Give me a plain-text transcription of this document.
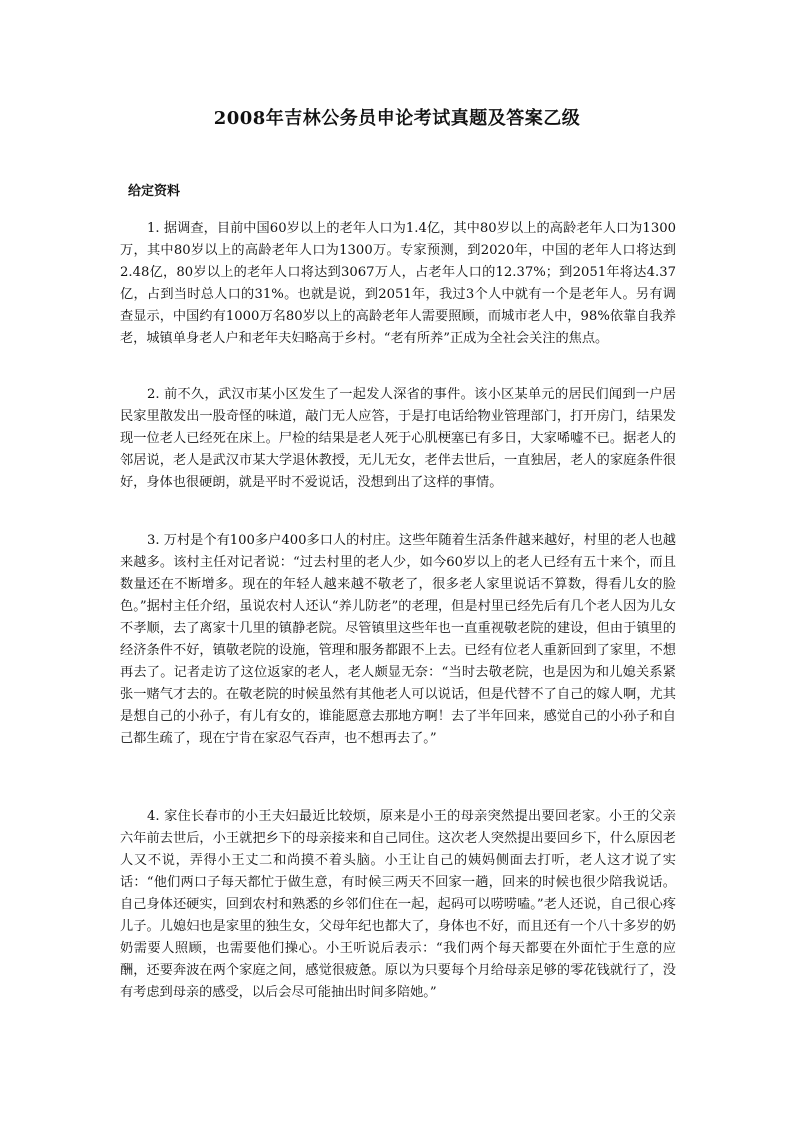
2008年吉林公务员申论考试真题及答案乙级
给定资料

1. 据调查，目前中国60岁以上的老年人口为1.4亿，其中80岁以上的高龄老年人口为1300万，其中80岁以上的高龄老年人口为1300万。专家预测，到2020年，中国的老年人口将达到2.48亿，80岁以上的老年人口将达到3067万人，占老年人口的12.37%；到2051年将达4.37亿，占到当时总人口的31%。也就是说，到2051年，我过3个人中就有一个是老年人。另有调查显示，中国约有1000万名80岁以上的高龄老年人需要照顾，而城市老人中，98%依靠自我养老，城镇单身老人户和老年夫妇略高于乡村。“老有所养”正成为全社会关注的焦点。

2. 前不久，武汉市某小区发生了一起发人深省的事件。该小区某单元的居民们闻到一户居民家里散发出一股奇怪的味道，敲门无人应答，于是打电话给物业管理部门，打开房门，结果发现一位老人已经死在床上。尸检的结果是老人死于心肌梗塞已有多日，大家唏嘘不已。据老人的邻居说，老人是武汉市某大学退休教授，无儿无女，老伴去世后，一直独居，老人的家庭条件很好，身体也很硬朗，就是平时不爱说话，没想到出了这样的事情。

3. 万村是个有100多户400多口人的村庄。这些年随着生活条件越来越好，村里的老人也越来越多。该村主任对记者说：“过去村里的老人少，如今60岁以上的老人已经有五十来个，而且数量还在不断增多。现在的年轻人越来越不敬老了，很多老人家里说话不算数，得看儿女的脸色。”据村主任介绍，虽说农村人还认“养儿防老”的老理，但是村里已经先后有几个老人因为儿女不孝顺，去了离家十几里的镇静老院。尽管镇里这些年也一直重视敬老院的建设，但由于镇里的经济条件不好，镇敬老院的设施，管理和服务都跟不上去。已经有位老人重新回到了家里，不想再去了。记者走访了这位返家的老人，老人颇显无奈：“当时去敬老院，也是因为和儿媳关系紧张一赌气才去的。在敬老院的时候虽然有其他老人可以说话，但是代替不了自己的嫁人啊，尤其是想自己的小孙子，有儿有女的，谁能愿意去那地方啊！去了半年回来，感觉自己的小孙子和自己都生疏了，现在宁肯在家忍气吞声，也不想再去了。”

4. 家住长春市的小王夫妇最近比较烦，原来是小王的母亲突然提出要回老家。小王的父亲六年前去世后，小王就把乡下的母亲接来和自己同住。这次老人突然提出要回乡下，什么原因老人又不说，弄得小王丈二和尚摸不着头脑。小王让自己的姨妈侧面去打听，老人这才说了实话：“他们两口子每天都忙于做生意，有时候三两天不回家一趟，回来的时候也很少陪我说话。自己身体还硬实，回到农村和熟悉的乡邻们住在一起，起码可以唠唠嗑。”老人还说，自己很心疼儿子。儿媳妇也是家里的独生女，父母年纪也都大了，身体也不好，而且还有一个八十多岁的奶奶需要人照顾，也需要他们操心。小王听说后表示：“我们两个每天都要在外面忙于生意的应酬，还要奔波在两个家庭之间，感觉很疲惫。原以为只要每个月给母亲足够的零花钱就行了，没有考虑到母亲的感受，以后会尽可能抽出时间多陪她。”
